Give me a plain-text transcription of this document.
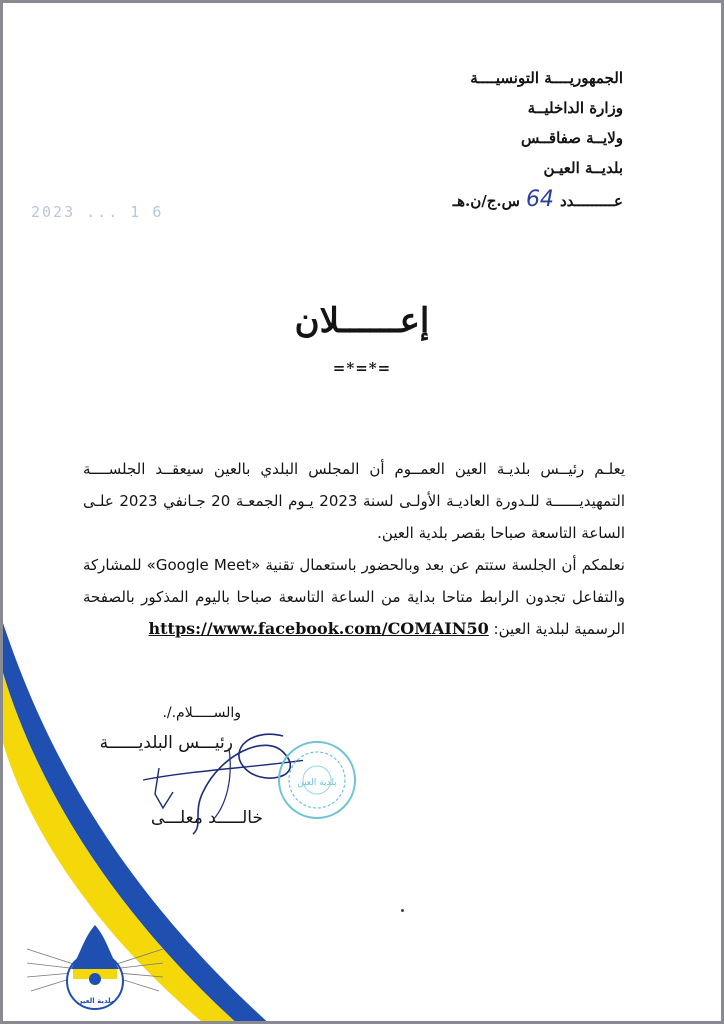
الجمهوريــــة التونسيــــة
وزارة الداخليــة
ولايــة صفاقــس
بلديــة العيـن
عـــــــــدد64س.ج/ن.هـ
2023 ... 1 6
إعــــــلان
=*=*=
يعلـم رئيــس بلديـة العين العمــوم أن المجلس البلدي بالعين سيعقــد الجلســــة التمهيديــــــة للـدورة العاديـة الأولـى لسنة 2023 يـوم الجمعـة 20 جـانفي 2023 علـى الساعة التاسعة صباحا بقصر بلدية العين.
نعلمكم أن الجلسة ستتم عن بعد وبالحضور باستعمال تقنية «Google Meet» للمشاركة والتفاعل تجدون الرابط متاحا بداية من الساعة التاسعة صباحا باليوم المذكور بالصفحة الرسمية لبلدية العين: https://www.facebook.com/COMAIN50
والســـــلام./.
رئيـــس البلديــــــة
خالـــــد معلـــى
بلدية العين
بلدية العين
